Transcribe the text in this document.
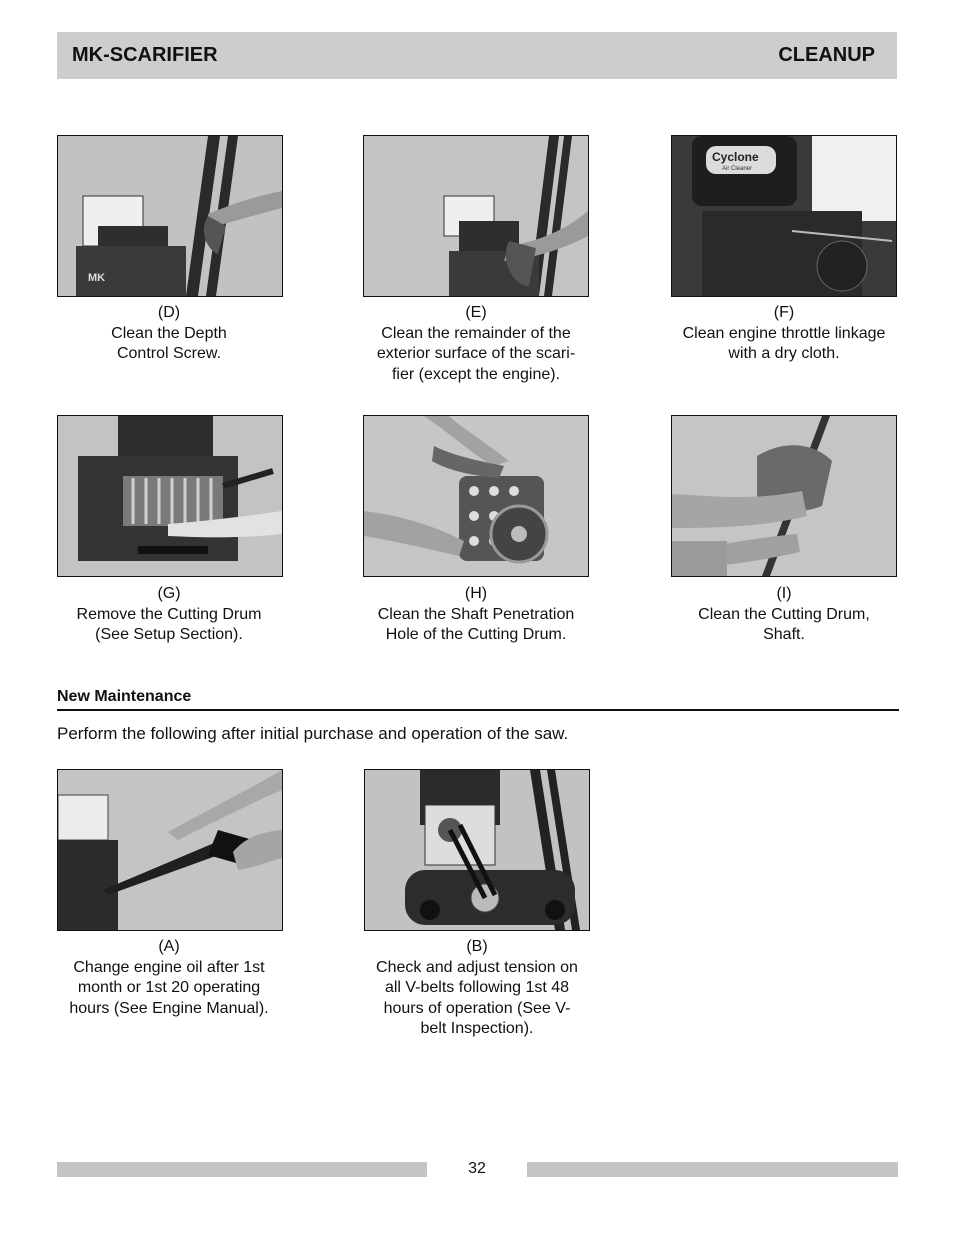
MK-SCARIFIER	CLEANUP
MK
Cyclone
Air Cleaner
(D)
Clean the Depth
Control Screw.
(E)
Clean the remainder of the
exterior surface of the scari-
fier (except the engine).
(F)
Clean engine throttle linkage
with a dry cloth.
(G)
Remove the Cutting Drum
(See Setup Section).
(H)
Clean the Shaft Penetration
Hole of the Cutting Drum.
(I)
Clean the Cutting Drum,
Shaft.
New Maintenance
Perform the following after initial purchase and operation of the saw.
(A)
Change engine oil after 1st
month or 1st 20 operating
hours (See Engine Manual).
(B)
Check and adjust tension on
all V-belts following 1st 48
hours of operation (See V-
belt Inspection).
32
